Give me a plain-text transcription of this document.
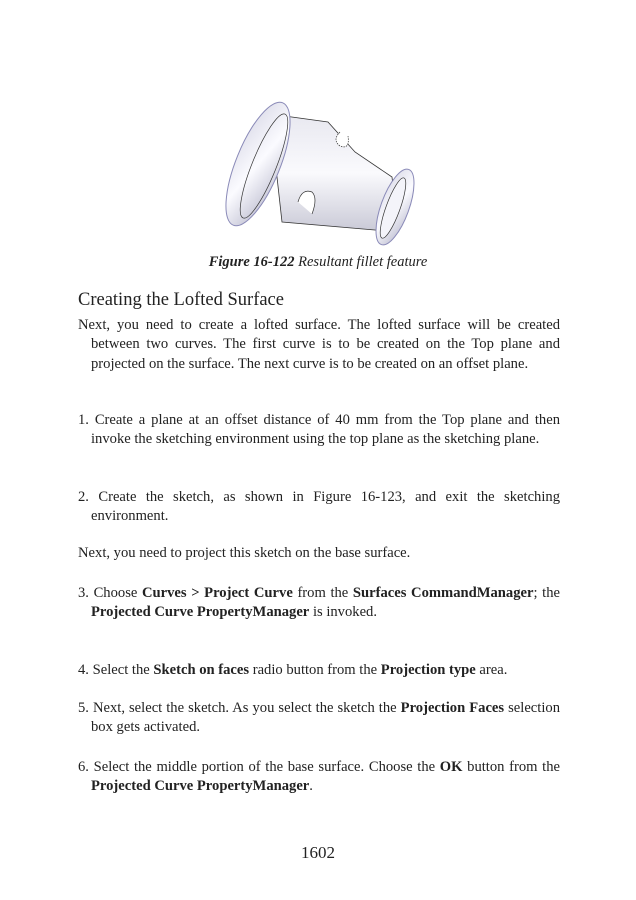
Figure 16-122 Resultant fillet feature
Creating the Lofted Surface
Next, you need to create a lofted surface. The lofted surface will be created between two curves. The first curve is to be created on the Top plane and projected on the surface. The next curve is to be created on an offset plane.
1. Create a plane at an offset distance of 40 mm from the Top plane and then invoke the sketching environment using the top plane as the sketching plane.
2. Create the sketch, as shown in Figure 16-123, and exit the sketching environment.
Next, you need to project this sketch on the base surface.
3. Choose Curves > Project Curve from the Surfaces CommandManager; the Projected Curve PropertyManager is invoked.
4. Select the Sketch on faces radio button from the Projection type area.
5. Next, select the sketch. As you select the sketch the Projection Faces selection box gets activated.
6. Select the middle portion of the base surface. Choose the OK button from the Projected Curve PropertyManager.
1602
